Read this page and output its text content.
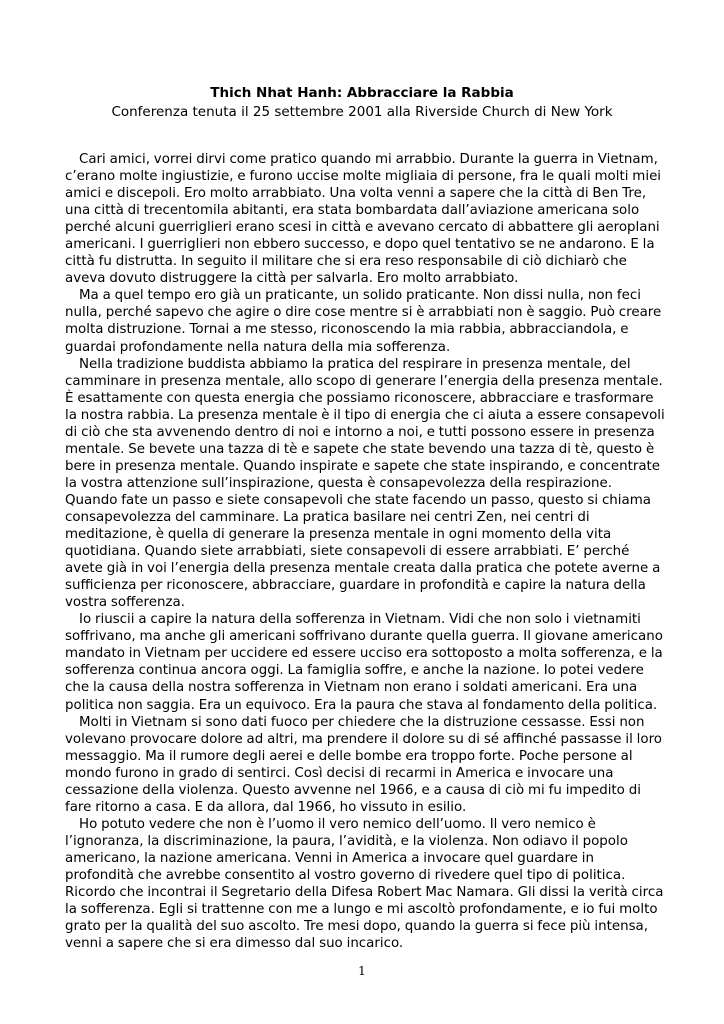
Thich Nhat Hanh: Abbracciare la Rabbia

Conferenza tenuta il 25 settembre 2001 alla Riverside Church di New York

Cari amici, vorrei dirvi come pratico quando mi arrabbio. Durante la guerra in Vietnam, c’erano molte ingiustizie, e furono uccise molte migliaia di persone, fra le quali molti miei amici e discepoli. Ero molto arrabbiato. Una volta venni a sapere che la città di Ben Tre, una città di trecentomila abitanti, era stata bombardata dall’aviazione americana solo perché alcuni guerriglieri erano scesi in città e avevano cercato di abbattere gli aeroplani americani. I guerriglieri non ebbero successo, e dopo quel tentativo se ne andarono. E la città fu distrutta. In seguito il militare che si era reso responsabile di ciò dichiarò che aveva dovuto distruggere la città per salvarla. Ero molto arrabbiato.

Ma a quel tempo ero già un praticante, un solido praticante. Non dissi nulla, non feci nulla, perché sapevo che agire o dire cose mentre si è arrabbiati non è saggio. Può creare molta distruzione. Tornai a me stesso, riconoscendo la mia rabbia, abbracciandola, e guardai profondamente nella natura della mia sofferenza.

Nella tradizione buddista abbiamo la pratica del respirare in presenza mentale, del camminare in presenza mentale, allo scopo di generare l’energia della presenza mentale. È esattamente con questa energia che possiamo riconoscere, abbracciare e trasformare la nostra rabbia. La presenza mentale è il tipo di energia che ci aiuta a essere consapevoli di ciò che sta avvenendo dentro di noi e intorno a noi, e tutti possono essere in presenza mentale. Se bevete una tazza di tè e sapete che state bevendo una tazza di tè, questo è bere in presenza mentale. Quando inspirate e sapete che state inspirando, e concentrate la vostra attenzione sull’inspirazione, questa è consapevolezza della respirazione. Quando fate un passo e siete consapevoli che state facendo un passo, questo si chiama consapevolezza del camminare. La pratica basilare nei centri Zen, nei centri di meditazione, è quella di generare la presenza mentale in ogni momento della vita quotidiana. Quando siete arrabbiati, siete consapevoli di essere arrabbiati. E’ perché avete già in voi l’energia della presenza mentale creata dalla pratica che potete averne a sufficienza per riconoscere, abbracciare, guardare in profondità e capire la natura della vostra sofferenza.

Io riuscii a capire la natura della sofferenza in Vietnam. Vidi che non solo i vietnamiti soffrivano, ma anche gli americani soffrivano durante quella guerra. Il giovane americano mandato in Vietnam per uccidere ed essere ucciso era sottoposto a molta sofferenza, e la sofferenza continua ancora oggi. La famiglia soffre, e anche la nazione. Io potei vedere che la causa della nostra sofferenza in Vietnam non erano i soldati americani. Era una politica non saggia. Era un equivoco. Era la paura che stava al fondamento della politica.

Molti in Vietnam si sono dati fuoco per chiedere che la distruzione cessasse. Essi non volevano provocare dolore ad altri, ma prendere il dolore su di sé affinché passasse il loro messaggio. Ma il rumore degli aerei e delle bombe era troppo forte. Poche persone al mondo furono in grado di sentirci. Così decisi di recarmi in America e invocare una cessazione della violenza. Questo avvenne nel 1966, e a causa di ciò mi fu impedito di fare ritorno a casa. E da allora, dal 1966, ho vissuto in esilio.

Ho potuto vedere che non è l’uomo il vero nemico dell’uomo. Il vero nemico è l’ignoranza, la discriminazione, la paura, l’avidità, e la violenza. Non odiavo il popolo americano, la nazione americana. Venni in America a invocare quel guardare in profondità che avrebbe consentito al vostro governo di rivedere quel tipo di politica. Ricordo che incontrai il Segretario della Difesa Robert Mac Namara. Gli dissi la verità circa la sofferenza. Egli si trattenne con me a lungo e mi ascoltò profondamente, e io fui molto grato per la qualità del suo ascolto. Tre mesi dopo, quando la guerra si fece più intensa, venni a sapere che si era dimesso dal suo incarico.

1
